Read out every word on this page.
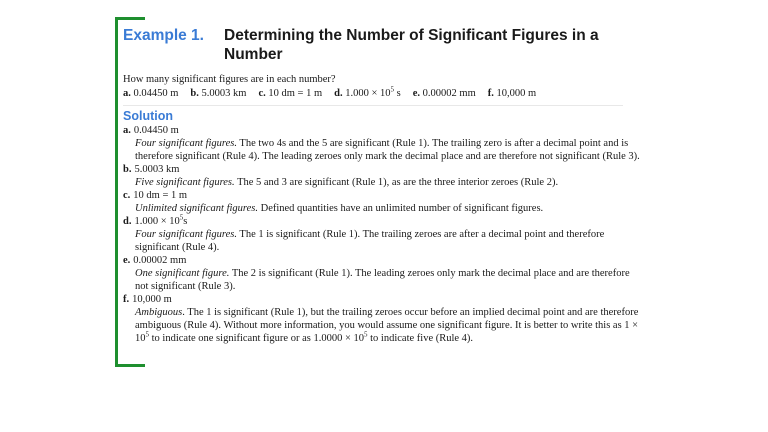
Example 1.	Determining the Number of Significant Figures in a Number
How many significant figures are in each number?
a. 0.04450 m b. 5.0003 km c. 10 dm = 1 m d. $1.000 \times 10^5$ s e. 0.00002 mm f. 10,000 m
Solution
a. 0.04450 m
Four significant figures. The two 4s and the 5 are significant (Rule 1). The trailing zero is after a decimal point and is therefore significant (Rule 4). The leading zeroes only mark the decimal place and are therefore not significant (Rule 3).
b. 5.0003 km
Five significant figures. The 5 and 3 are significant (Rule 1), as are the three interior zeroes (Rule 2).
c. 10 dm = 1 m
Unlimited significant figures. Defined quantities have an unlimited number of significant figures.
d. $1.000 \times 10^5s$
Four significant figures. The 1 is significant (Rule 1). The trailing zeroes are after a decimal point and therefore significant (Rule 4).
e. 0.00002 mm
One significant figure. The 2 is significant (Rule 1). The leading zeroes only mark the decimal place and are therefore not significant (Rule 3).
f. 10,000 m
Ambiguous. The 1 is significant (Rule 1), but the trailing zeroes occur before an implied decimal point and are therefore ambiguous (Rule 4). Without more information, you would assume one significant figure. It is better to write this as $1 \times 10^5$ to indicate one significant figure or as $1.0000 \times 10^5$ to indicate five (Rule 4).
